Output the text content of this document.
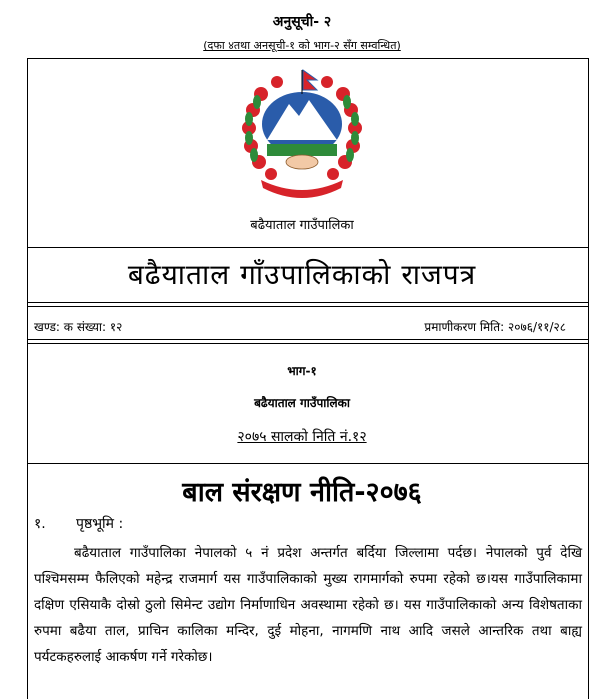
अनुसूची- २
(दफा ४तथा अनसूची-१ को भाग-२ सँग सम्वन्धित)
बढैयाताल गाउँपालिका
बढैयाताल गाँउपालिकाको राजपत्र
खण्ड: क संख्या: १२	प्रमाणीकरण मिति: २०७६/११/२८
भाग-१
बढैयाताल गाउँपालिका
२०७५ सालको निति नं.१२
बाल संरक्षण नीति-२०७६
१. पृष्ठभूमि :
बढैयाताल गाउँपालिका नेपालको ५ नं प्रदेश अन्तर्गत बर्दिया जिल्लामा पर्दछ। नेपालको पुर्व देखि पश्चिमसम्म फैलिएको महेन्द्र राजमार्ग यस गाउँपालिकाको मुख्य रागमार्गको रुपमा रहेको छ।यस गाउँपालिकामा दक्षिण एसियाकै दोस्रो ठुलो सिमेन्ट उद्योग निर्माणाधिन अवस्थामा रहेको छ। यस गाउँपालिकाको अन्य विशेषताका रुपमा बढैया ताल, प्राचिन कालिका मन्दिर, दुई मोहना, नागमणि नाथ आदि जसले आन्तरिक तथा बाह्य पर्यटकहरुलाई आकर्षण गर्ने गरेकोछ।
